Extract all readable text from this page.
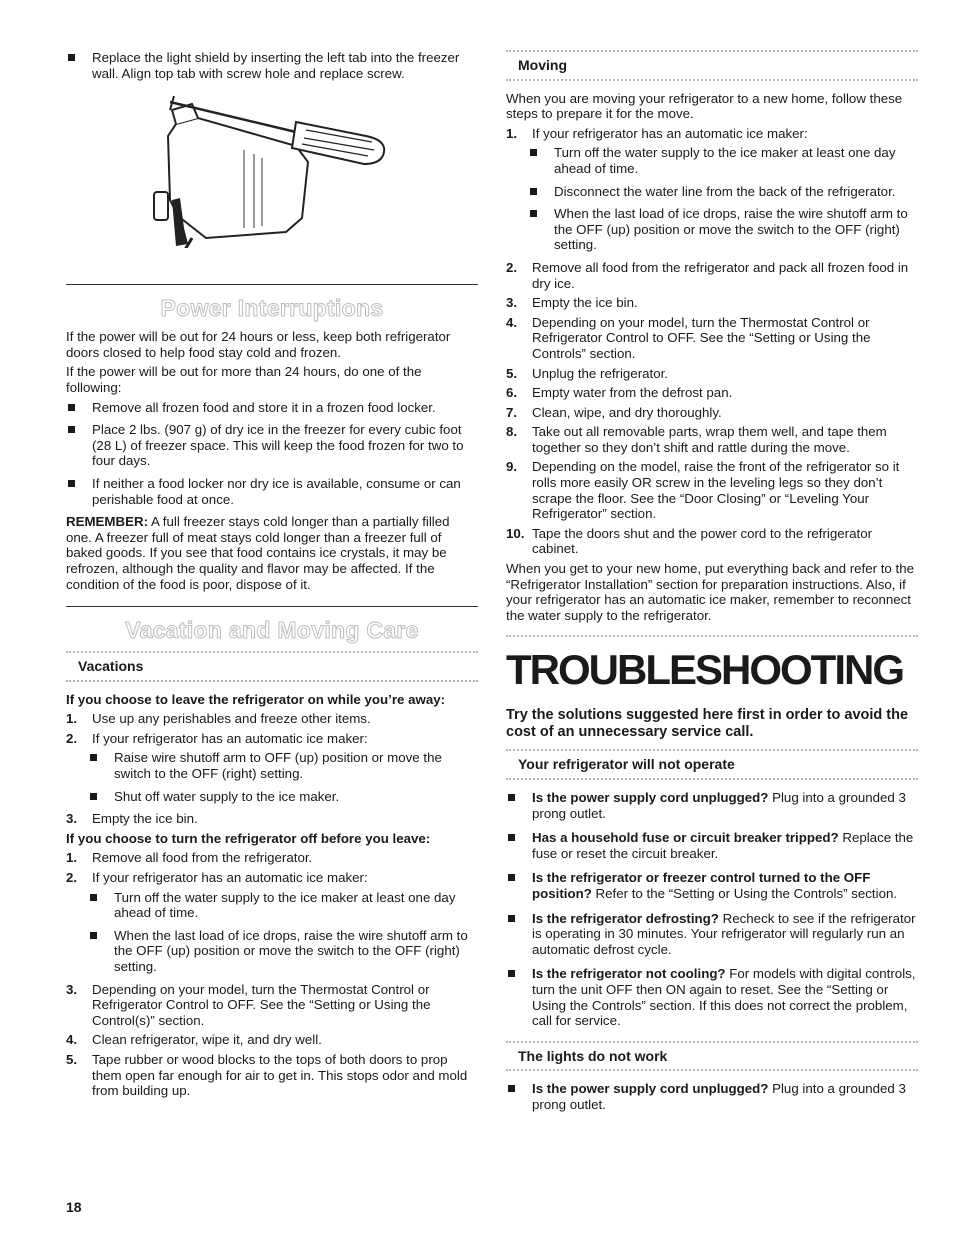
Replace the light shield by inserting the left tab into the freezer wall. Align top tab with screw hole and replace screw.
Power Interruptions

If the power will be out for 24 hours or less, keep both refrigerator doors closed to help food stay cold and frozen.

If the power will be out for more than 24 hours, do one of the following:

Remove all frozen food and store it in a frozen food locker.
Place 2 lbs. (907 g) of dry ice in the freezer for every cubic foot (28 L) of freezer space. This will keep the food frozen for two to four days.
If neither a food locker nor dry ice is available, consume or can perishable food at once.

REMEMBER: A full freezer stays cold longer than a partially filled one. A freezer full of meat stays cold longer than a freezer full of baked goods. If you see that food contains ice crystals, it may be refrozen, although the quality and flavor may be affected. If the condition of the food is poor, dispose of it.

Vacation and Moving Care
Vacations

If you choose to leave the refrigerator on while you’re away:

1. Use up any perishables and freeze other items.
2. If your refrigerator has an automatic ice maker:
Raise wire shutoff arm to OFF (up) position or move the switch to the OFF (right) setting.
Shut off water supply to the ice maker.
3. Empty the ice bin.

If you choose to turn the refrigerator off before you leave:

1. Remove all food from the refrigerator.
2. If your refrigerator has an automatic ice maker:
Turn off the water supply to the ice maker at least one day ahead of time.
When the last load of ice drops, raise the wire shutoff arm to the OFF (up) position or move the switch to the OFF (right) setting.
3. Depending on your model, turn the Thermostat Control or Refrigerator Control to OFF. See the “Setting or Using the Control(s)” section.
4. Clean refrigerator, wipe it, and dry well.
5. Tape rubber or wood blocks to the tops of both doors to prop them open far enough for air to get in. This stops odor and mold from building up.
Moving

When you are moving your refrigerator to a new home, follow these steps to prepare it for the move.

1. If your refrigerator has an automatic ice maker:
Turn off the water supply to the ice maker at least one day ahead of time.
Disconnect the water line from the back of the refrigerator.
When the last load of ice drops, raise the wire shutoff arm to the OFF (up) position or move the switch to the OFF (right) setting.
2. Remove all food from the refrigerator and pack all frozen food in dry ice.
3. Empty the ice bin.
4. Depending on your model, turn the Thermostat Control or Refrigerator Control to OFF. See the “Setting or Using the Controls” section.
5. Unplug the refrigerator.
6. Empty water from the defrost pan.
7. Clean, wipe, and dry thoroughly.
8. Take out all removable parts, wrap them well, and tape them together so they don’t shift and rattle during the move.
9. Depending on the model, raise the front of the refrigerator so it rolls more easily OR screw in the leveling legs so they don’t scrape the floor. See the “Door Closing” or “Leveling Your Refrigerator” section.
10. Tape the doors shut and the power cord to the refrigerator cabinet.

When you get to your new home, put everything back and refer to the “Refrigerator Installation” section for preparation instructions. Also, if your refrigerator has an automatic ice maker, remember to reconnect the water supply to the refrigerator.

TROUBLESHOOTING

Try the solutions suggested here first in order to avoid the cost of an unnecessary service call.

Your refrigerator will not operate
Is the power supply cord unplugged? Plug into a grounded 3 prong outlet.
Has a household fuse or circuit breaker tripped? Replace the fuse or reset the circuit breaker.
Is the refrigerator or freezer control turned to the OFF position? Refer to the “Setting or Using the Controls” section.
Is the refrigerator defrosting? Recheck to see if the refrigerator is operating in 30 minutes. Your refrigerator will regularly run an automatic defrost cycle.
Is the refrigerator not cooling? For models with digital controls, turn the unit OFF then ON again to reset. See the “Setting or Using the Controls” section. If this does not correct the problem, call for service.
The lights do not work
Is the power supply cord unplugged? Plug into a grounded 3 prong outlet.
18
